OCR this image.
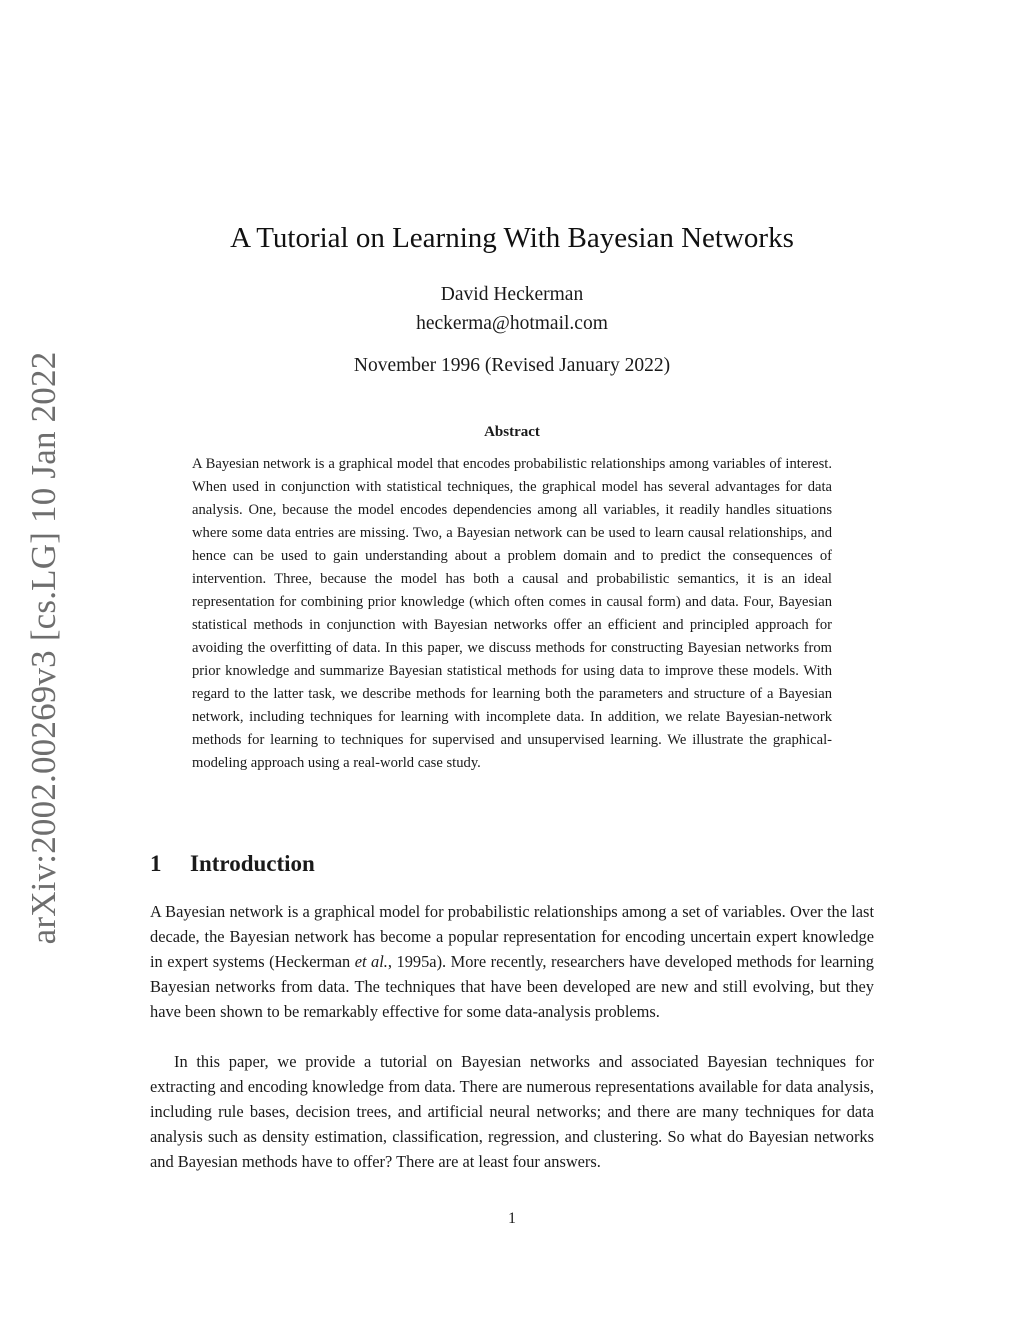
arXiv:2002.00269v3 [cs.LG] 10 Jan 2022
A Tutorial on Learning With Bayesian Networks
David Heckerman
heckerma@hotmail.com
November 1996 (Revised January 2022)
Abstract

A Bayesian network is a graphical model that encodes probabilistic relationships among variables of interest. When used in conjunction with statistical techniques, the graphical model has several advantages for data analysis. One, because the model encodes dependencies among all variables, it readily handles situations where some data entries are missing. Two, a Bayesian network can be used to learn causal relationships, and hence can be used to gain understanding about a problem domain and to predict the consequences of intervention. Three, because the model has both a causal and probabilistic semantics, it is an ideal representation for combining prior knowledge (which often comes in causal form) and data. Four, Bayesian statistical methods in conjunction with Bayesian networks offer an efficient and principled approach for avoiding the overfitting of data. In this paper, we discuss methods for constructing Bayesian networks from prior knowledge and summarize Bayesian statistical methods for using data to improve these models. With regard to the latter task, we describe methods for learning both the parameters and structure of a Bayesian network, including techniques for learning with incomplete data. In addition, we relate Bayesian-network methods for learning to techniques for supervised and unsupervised learning. We illustrate the graphical-modeling approach using a real-world case study.

1 Introduction

A Bayesian network is a graphical model for probabilistic relationships among a set of variables. Over the last decade, the Bayesian network has become a popular representation for encoding uncertain expert knowledge in expert systems (Heckerman et al., 1995a). More recently, researchers have developed methods for learning Bayesian networks from data. The techniques that have been developed are new and still evolving, but they have been shown to be remarkably effective for some data-analysis problems.

In this paper, we provide a tutorial on Bayesian networks and associated Bayesian techniques for extracting and encoding knowledge from data. There are numerous representations available for data analysis, including rule bases, decision trees, and artificial neural networks; and there are many techniques for data analysis such as density estimation, classification, regression, and clustering. So what do Bayesian networks and Bayesian methods have to offer? There are at least four answers.

1
